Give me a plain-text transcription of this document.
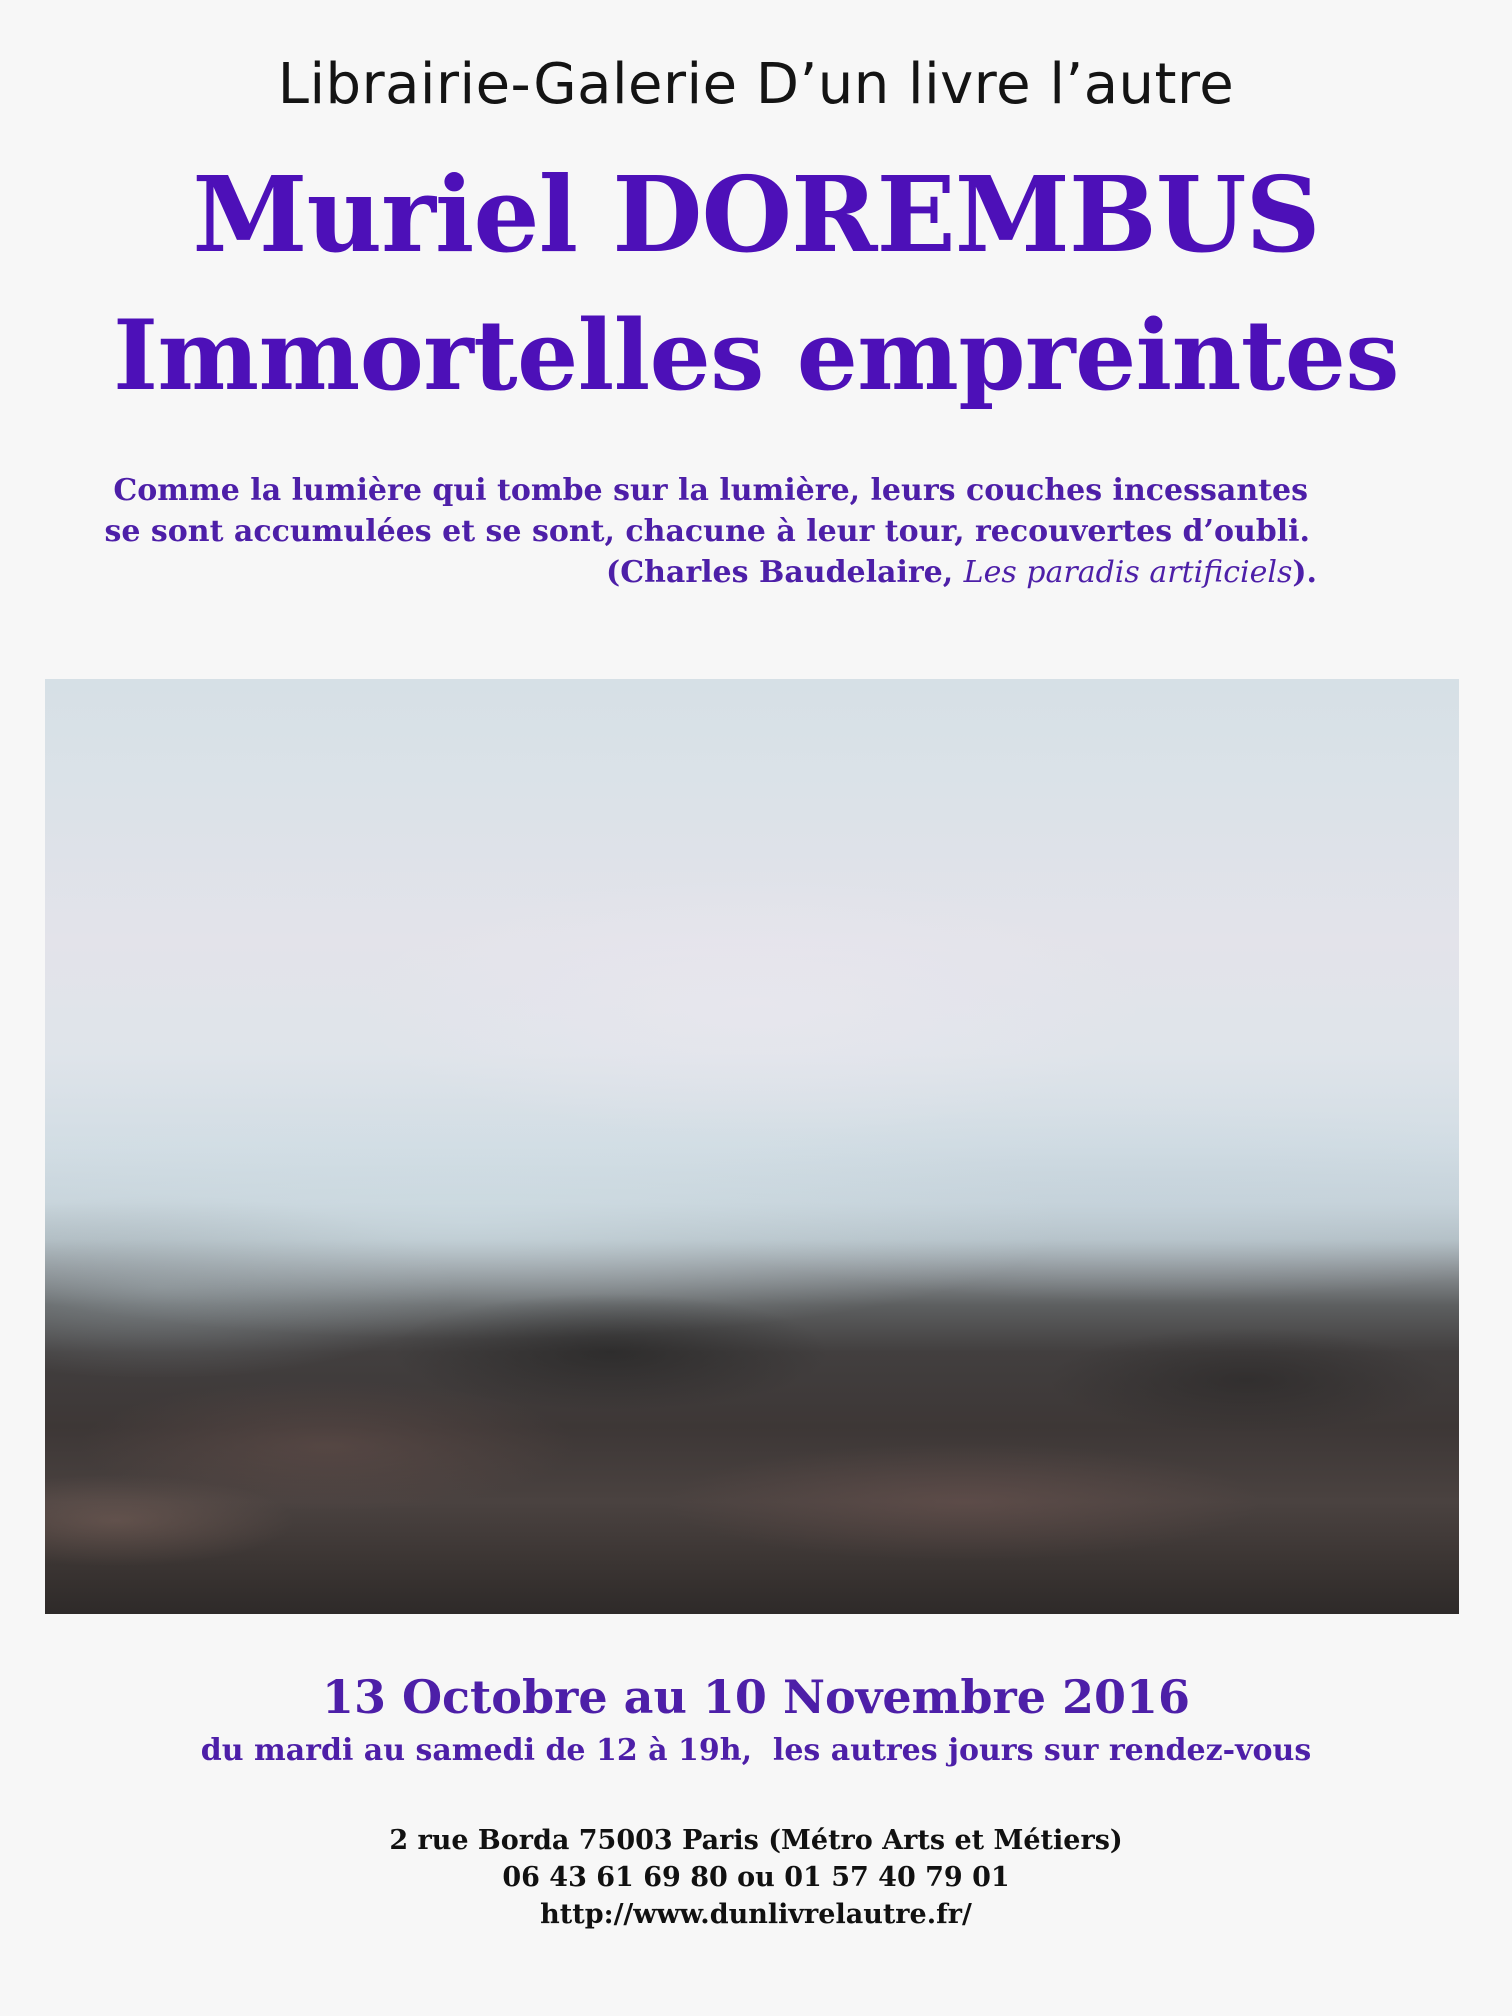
Librairie-Galerie D’un livre l’autre
Muriel DOREMBUS
Immortelles empreintes
Comme la lumière qui tombe sur la lumière, leurs couches incessantes
se sont accumulées et se sont, chacune à leur tour, recouvertes d’oubli.
(Charles Baudelaire, Les paradis artificiels).
13 Octobre au 10 Novembre 2016
du mardi au samedi de 12 à 19h,  les autres jours sur rendez-vous
2 rue Borda 75003 Paris (Métro Arts et Métiers)
06 43 61 69 80 ou 01 57 40 79 01
http://www.dunlivrelautre.fr/
